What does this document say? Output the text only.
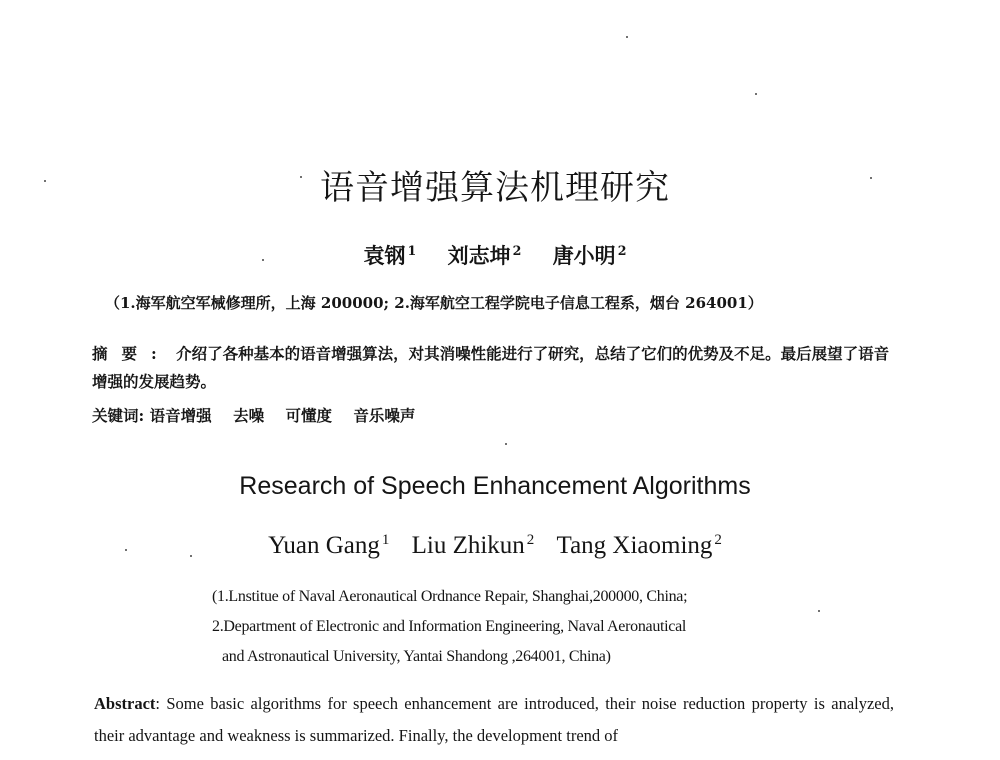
语音增强算法机理研究
袁钢 $^1$ 刘志坤 $^2$ 唐小明 $^2$
（1.海军航空军械修理所，上海 200000; 2.海军航空工程学院电子信息工程系，烟台 264001）
摘要: 介绍了各种基本的语音增强算法，对其消噪性能进行了研究，总结了它们的优势及不足。最后展望了语音增强的发展趋势。
关键词: 语音增强 去噪 可懂度 音乐噪声
Research of Speech Enhancement Algorithms
Yuan Gang $^1$ Liu Zhikun $^2$ Tang Xiaoming $^2$
(1.Lnstitue of Naval Aeronautical Ordnance Repair, Shanghai,200000, China;
2.Department of Electronic and Information Engineering, Naval Aeronautical
and Astronautical University, Yantai Shandong ,264001, China)
Abstract: Some basic algorithms for speech enhancement are introduced, their noise reduction property is analyzed, their advantage and weakness is summarized. Finally, the development trend of
